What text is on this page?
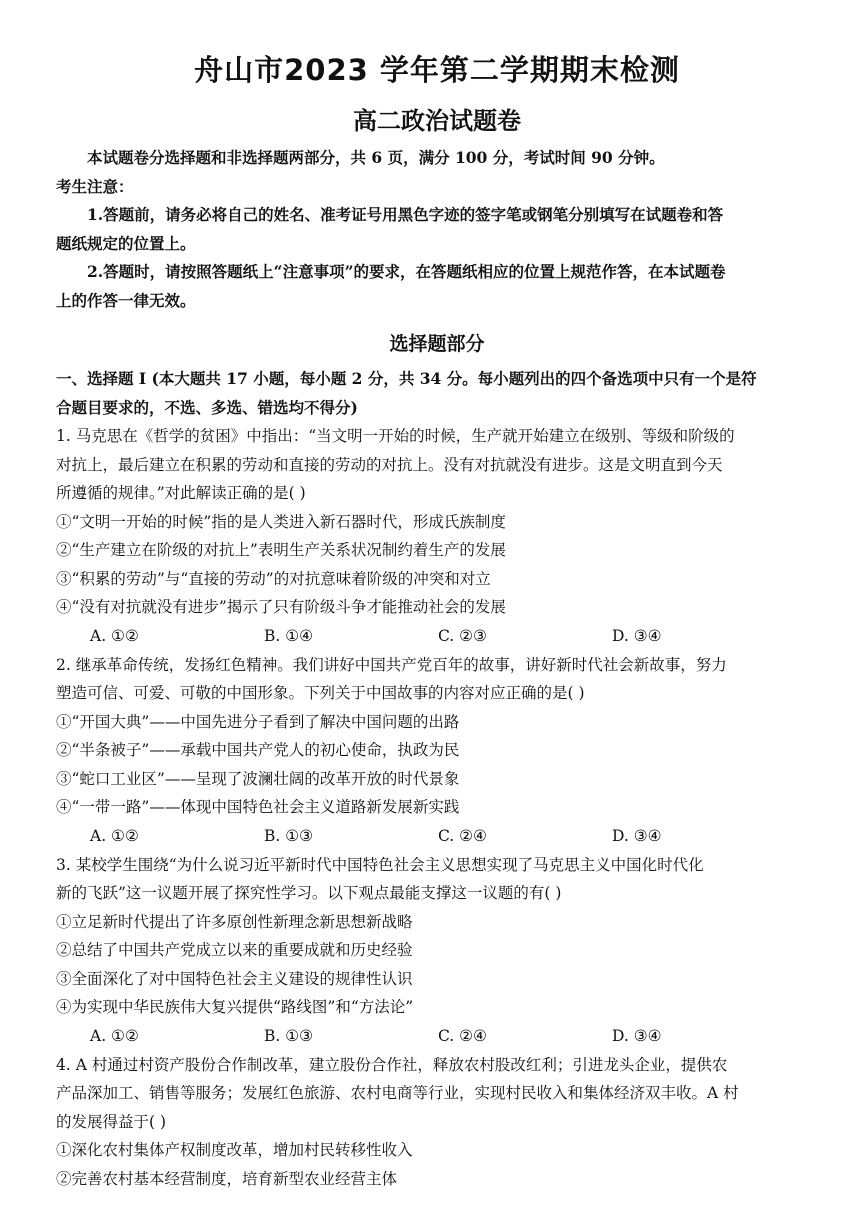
舟山市2023 学年第二学期期末检测
高二政治试题卷
本试题卷分选择题和非选择题两部分，共 6 页，满分 100 分，考试时间 90 分钟。
考生注意：
1.答题前，请务必将自己的姓名、准考证号用黑色字迹的签字笔或钢笔分别填写在试题卷和答
题纸规定的位置上。
2.答题时，请按照答题纸上“注意事项”的要求，在答题纸相应的位置上规范作答，在本试题卷
上的作答一律无效。
选择题部分
一、选择题 I (本大题共 17 小题，每小题 2 分，共 34 分。每小题列出的四个备选项中只有一个是符
合题目要求的，不选、多选、错选均不得分)
1. 马克思在《哲学的贫困》中指出：“当文明一开始的时候，生产就开始建立在级别、等级和阶级的
对抗上，最后建立在积累的劳动和直接的劳动的对抗上。没有对抗就没有进步。这是文明直到今天
所遵循的规律。”对此解读正确的是( )
①“文明一开始的时候”指的是人类进入新石器时代，形成氏族制度
②“生产建立在阶级的对抗上”表明生产关系状况制约着生产的发展
③“积累的劳动”与“直接的劳动”的对抗意味着阶级的冲突和对立
④“没有对抗就没有进步”揭示了只有阶级斗争才能推动社会的发展
A. ①②	B. ①④	C. ②③	D. ③④
2. 继承革命传统，发扬红色精神。我们讲好中国共产党百年的故事，讲好新时代社会新故事，努力
塑造可信、可爱、可敬的中国形象。下列关于中国故事的内容对应正确的是( )
①“开国大典”——中国先进分子看到了解决中国问题的出路
②“半条被子”——承载中国共产党人的初心使命，执政为民
③“蛇口工业区”——呈现了波澜壮阔的改革开放的时代景象
④“一带一路”——体现中国特色社会主义道路新发展新实践
A. ①②	B. ①③	C. ②④	D. ③④
3. 某校学生围绕“为什么说习近平新时代中国特色社会主义思想实现了马克思主义中国化时代化
新的飞跃”这一议题开展了探究性学习。以下观点最能支撑这一议题的有( )
①立足新时代提出了许多原创性新理念新思想新战略
②总结了中国共产党成立以来的重要成就和历史经验
③全面深化了对中国特色社会主义建设的规律性认识
④为实现中华民族伟大复兴提供“路线图”和“方法论”
A. ①②	B. ①③	C. ②④	D. ③④
4. A 村通过村资产股份合作制改革，建立股份合作社，释放农村股改红利；引进龙头企业，提供农
产品深加工、销售等服务；发展红色旅游、农村电商等行业，实现村民收入和集体经济双丰收。A 村
的发展得益于( )
①深化农村集体产权制度改革，增加村民转移性收入
②完善农村基本经营制度，培育新型农业经营主体
